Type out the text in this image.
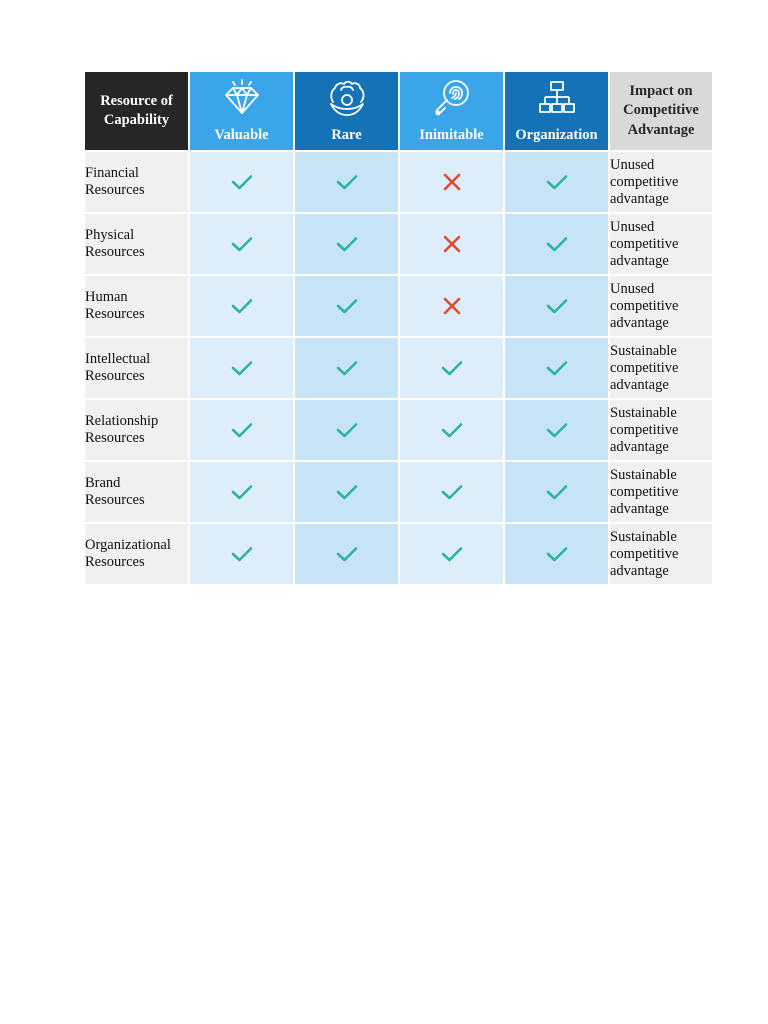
Resource of Capability	Valuable	Rare	Inimitable	Organization	Impact on Competitive Advantage

Financial Resources					Unused competitive advantage

Physical Resources					Unused competitive advantage

Human Resources					Unused competitive advantage

Intellectual Resources					Sustainable competitive advantage

Relationship Resources					Sustainable competitive advantage

Brand Resources					Sustainable competitive advantage

Organizational Resources					Sustainable competitive advantage
